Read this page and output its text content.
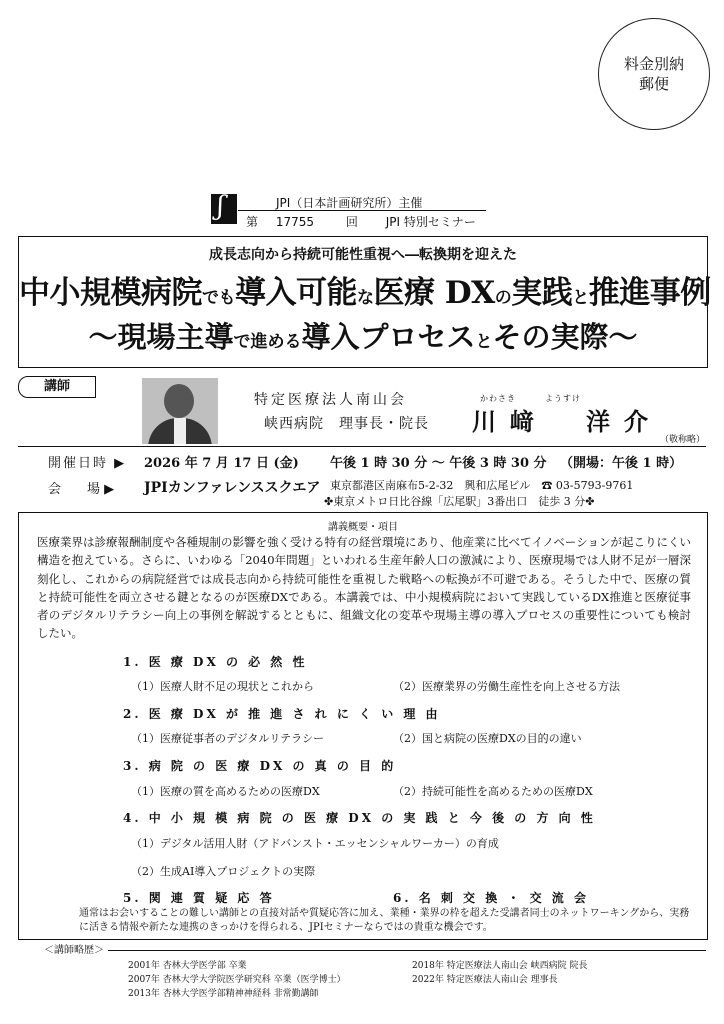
料金別納
郵便
ʃ
JPI（日本計画研究所）主催
第 17755	回 JPI 特別セミナー
成長志向から持続可能性重視へ―転換期を迎えた
中小規模病院でも導入可能な医療 DXの実践と推進事例
～現場主導で進める導入プロセスとその実際～
講師
特定医療法人南山会
峡西病院　理事長・院長
かわさき	ようすけ
川﨑　洋介
（敬称略）
開催日時 ▶ 2026 年 7 月 17 日 (金) 午後 1 時 30 分 ～ 午後 3 時 30 分 （開場：午後 1 時）
会　　場 ▶ JPIカンファレンススクエア 東京都港区南麻布5-2-32　興和広尾ビル　☎ 03-5793-9761
✤東京メトロ日比谷線「広尾駅」3番出口　徒歩 3 分✤
講義概要・項目
医療業界は診療報酬制度や各種規制の影響を強く受ける特有の経営環境にあり、他産業に比べてイノベーションが起こりにくい構造を抱えている。さらに、いわゆる「2040年問題」といわれる生産年齢人口の激減により、医療現場では人財不足が一層深刻化し、これからの病院経営では成長志向から持続可能性を重視した戦略への転換が不可避である。そうした中で、医療の質と持続可能性を両立させる鍵となるのが医療DXである。本講義では、中小規模病院において実践しているDX推進と医療従事者のデジタルリテラシー向上の事例を解説するとともに、組織文化の変革や現場主導の導入プロセスの重要性についても検討したい。
1. 医 療 DX の 必 然 性
（1）医療人財不足の現状とこれから	（2）医療業界の労働生産性を向上させる方法
2. 医 療 DX が 推 進 さ れ に く い 理 由
（1）医療従事者のデジタルリテラシー	（2）国と病院の医療DXの目的の違い
3. 病 院 の 医 療 DX の 真 の 目 的
（1）医療の質を高めるための医療DX	（2）持続可能性を高めるための医療DX
4. 中 小 規 模 病 院 の 医 療 DX の 実 践 と 今 後 の 方 向 性
（1）デジタル活用人財（アドバンスト・エッセンシャルワーカー）の育成
（2）生成AI導入プロジェクトの実際
5. 関 連 質 疑 応 答	6. 名 刺 交 換 ・ 交 流 会
通常はお会いすることの難しい講師との直接対話や質疑応答に加え、業種・業界の枠を超えた受講者同士のネットワーキングから、実務に活きる情報や新たな連携のきっかけを得られる、JPIセミナーならではの貴重な機会です。
＜講師略歴＞
2001年 杏林大学医学部 卒業
2007年 杏林大学大学院医学研究科 卒業（医学博士）
2013年 杏林大学医学部精神神経科 非常勤講師
2018年 特定医療法人南山会 峡西病院 院長
2022年 特定医療法人南山会 理事長
